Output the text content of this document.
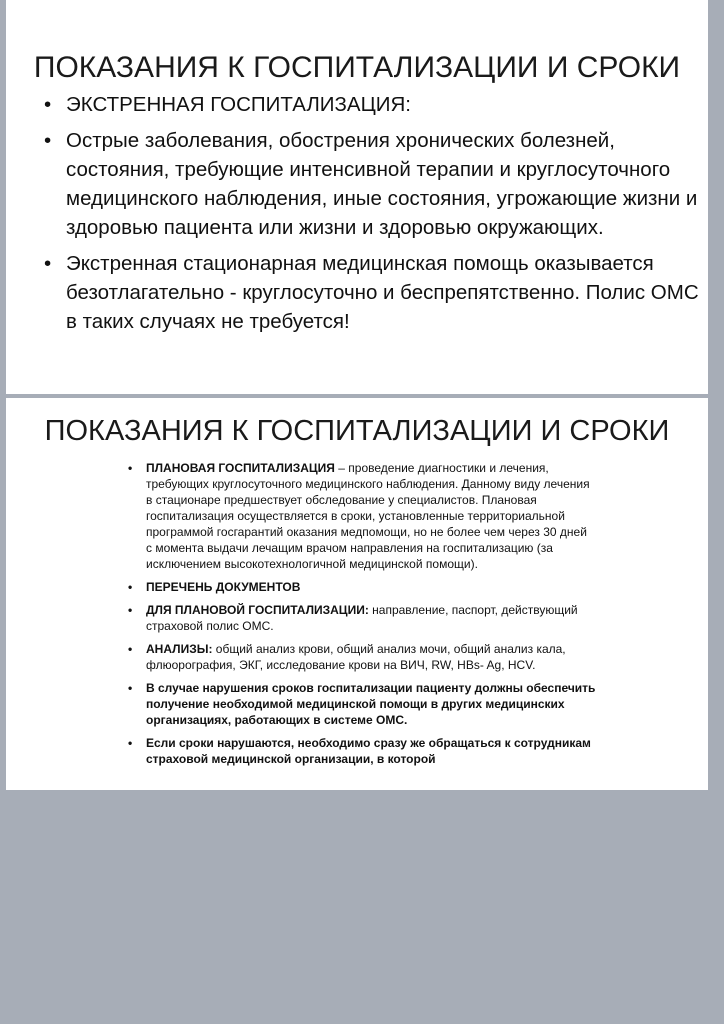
• ЭКСТРЕННАЯ ГОСПИТАЛИЗАЦИЯ:
• Острые заболевания, обострения хронических болезней, состояния, требующие интенсивной терапии и круглосуточного медицинского наблюдения, иные состояния, угрожающие жизни и здоровью пациента или жизни и здоровью окружающих.
• Экстренная стационарная медицинская помощь оказывается безотлагательно - круглосуточно и беспрепятственно. Полис ОМС в таких случаях не требуется!
ПОКАЗАНИЯ К ГОСПИТАЛИЗАЦИИ И СРОКИ
• ПЛАНОВАЯ ГОСПИТАЛИЗАЦИЯ – проведение диагностики и лечения, требующих круглосуточного медицинского наблюдения. Данному виду лечения в стационаре предшествует обследование у специалистов. Плановая госпитализация осуществляется в сроки, установленные территориальной программой госгарантий оказания медпомощи, но не более чем через 30 дней с момента выдачи лечащим врачом направления на госпитализацию (за исключением высокотехнологичной медицинской помощи).
• ПЕРЕЧЕНЬ ДОКУМЕНТОВ
• ДЛЯ ПЛАНОВОЙ ГОСПИТАЛИЗАЦИИ: направление, паспорт, действующий страховой полис ОМС.
• АНАЛИЗЫ: общий анализ крови, общий анализ мочи, общий анализ кала, флюорография, ЭКГ, исследование крови на ВИЧ, RW, HBs- Ag, HCV.
• В случае нарушения сроков госпитализации пациенту должны обеспечить получение необходимой медицинской помощи в других медицинских организациях, работающих в системе ОМС.
• Если сроки нарушаются, необходимо сразу же обращаться к сотрудникам страховой медицинской организации, в которой
ПОКАЗАНИЯ К ГОСПИТАЛИЗАЦИИ И СРОКИ
